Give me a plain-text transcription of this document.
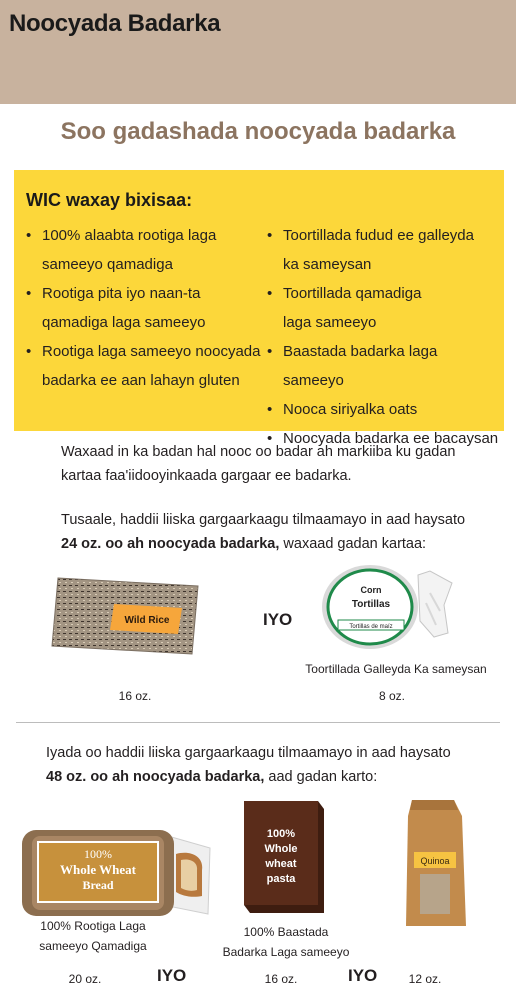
Noocyada Badarka
Soo gadashada noocyada badarka
WIC waxay bixisaa:
• 100% alaabta rootiga laga
sameeyo qamadiga
• Rootiga pita iyo naan-ta
qamadiga laga sameeyo
• Rootiga laga sameeyo noocyada
badarka ee aan lahayn gluten
• Toortillada fudud ee galleyda
ka sameysan
• Toortillada qamadiga
laga sameeyo
• Baastada badarka laga sameeyo
• Nooca siriyalka oats
• Noocyada badarka ee bacaysan
Waxaad in ka badan hal nooc oo badar ah markiiba ku gadan
kartaa faa'iidooyinkaada gargaar ee badarka.
Tusaale, haddii liiska gargaarkaagu tilmaamayo in aad haysato
24 oz. oo ah noocyada badarka, waxaad gadan kartaa:
Wild Rice	IYO
Corn
Tortillas
Tortillas de maíz
Toortillada Galleyda Ka sameysan
16 oz.	8 oz.
Iyada oo haddii liiska gargaarkaagu tilmaamayo in aad haysato
48 oz. oo ah noocyada badarka, aad gadan karto:
100%
Whole Wheat
Bread
100%
Whole
wheat
pasta
Quinoa
100% Rootiga Laga
sameeyo Qamadiga
100% Baastada
Badarka Laga sameeyo
20 oz.	IYO	16 oz.	IYO	12 oz.
